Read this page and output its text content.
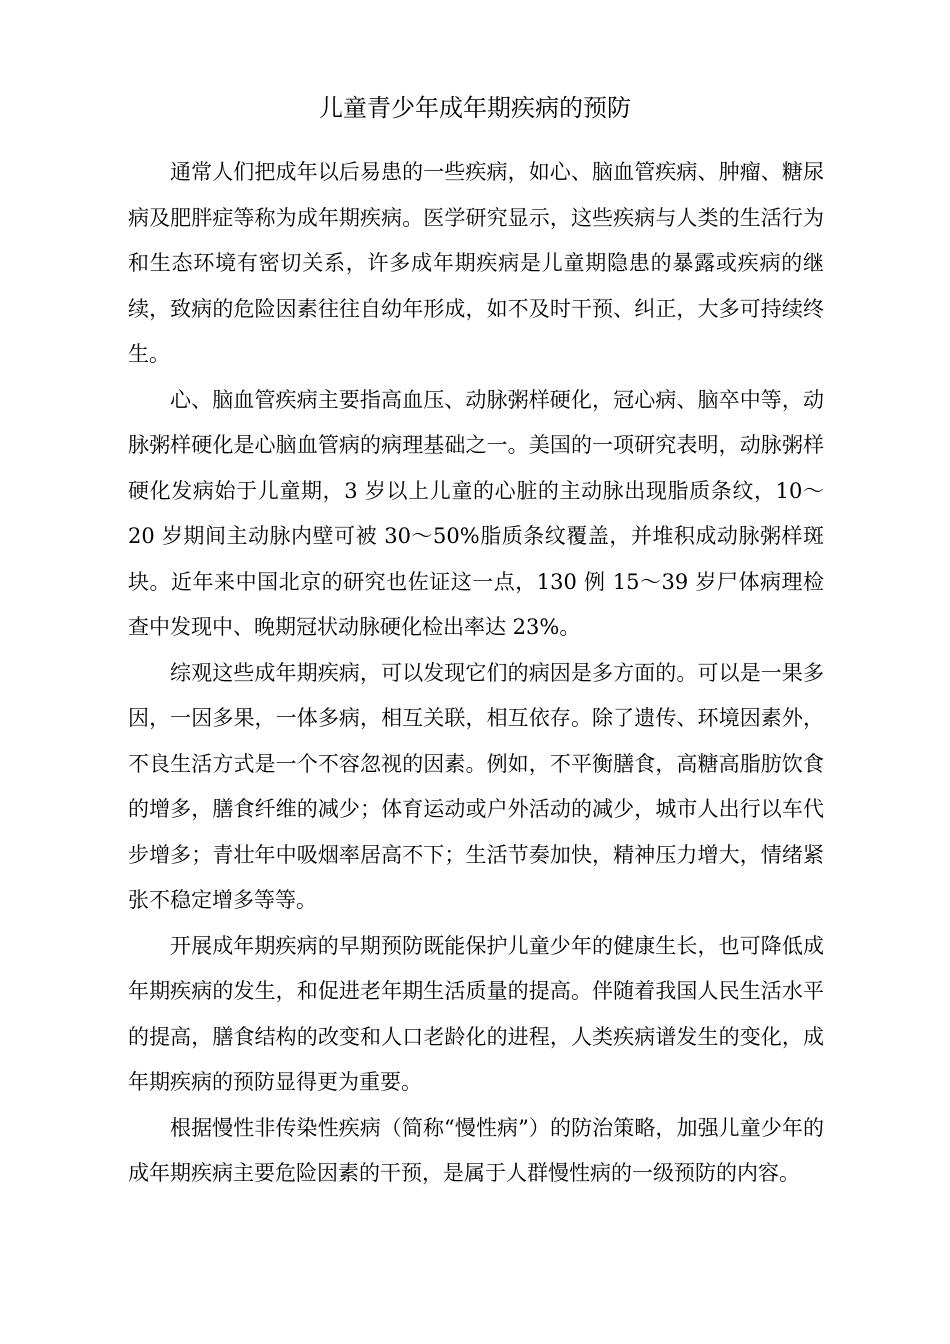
儿童青少年成年期疾病的预防

通常人们把成年以后易患的一些疾病，如心、脑血管疾病、肿瘤、糖尿病及肥胖症等称为成年期疾病。医学研究显示，这些疾病与人类的生活行为和生态环境有密切关系，许多成年期疾病是儿童期隐患的暴露或疾病的继续，致病的危险因素往往自幼年形成，如不及时干预、纠正，大多可持续终生。

心、脑血管疾病主要指高血压、动脉粥样硬化，冠心病、脑卒中等，动脉粥样硬化是心脑血管病的病理基础之一。美国的一项研究表明，动脉粥样硬化发病始于儿童期，3 岁以上儿童的心脏的主动脉出现脂质条纹，10～20 岁期间主动脉内壁可被 30～50%脂质条纹覆盖，并堆积成动脉粥样斑块。近年来中国北京的研究也佐证这一点，130 例 15～39 岁尸体病理检查中发现中、晚期冠状动脉硬化检出率达 23%。

综观这些成年期疾病，可以发现它们的病因是多方面的。可以是一果多因，一因多果，一体多病，相互关联，相互依存。除了遗传、环境因素外，不良生活方式是一个不容忽视的因素。例如，不平衡膳食，高糖高脂肪饮食的增多，膳食纤维的减少；体育运动或户外活动的减少，城市人出行以车代步增多；青壮年中吸烟率居高不下；生活节奏加快，精神压力增大，情绪紧张不稳定增多等等。

开展成年期疾病的早期预防既能保护儿童少年的健康生长，也可降低成年期疾病的发生，和促进老年期生活质量的提高。伴随着我国人民生活水平的提高，膳食结构的改变和人口老龄化的进程，人类疾病谱发生的变化，成年期疾病的预防显得更为重要。

根据慢性非传染性疾病（简称“慢性病”）的防治策略，加强儿童少年的成年期疾病主要危险因素的干预，是属于人群慢性病的一级预防的内容。
